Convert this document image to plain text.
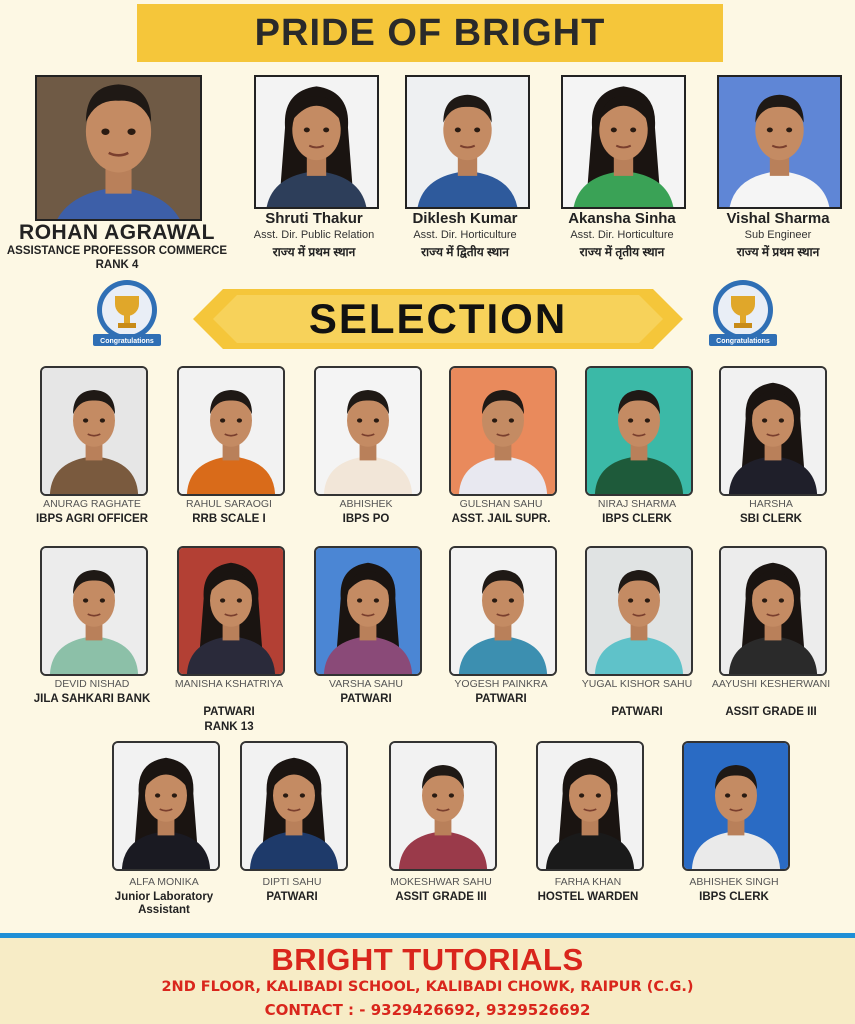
PRIDE OF BRIGHT
ROHAN AGRAWAL
ASSISTANCE PROFESSOR COMMERCE
RANK 4
Shruti Thakur
Asst. Dir. Public Relation
राज्य में प्रथम स्थान
Diklesh Kumar
Asst. Dir. Horticulture
राज्य में द्वितीय स्थान
Akansha Sinha
Asst. Dir. Horticulture
राज्य में तृतीय स्थान
Vishal Sharma
Sub Engineer
राज्य में प्रथम स्थान
ANURAG RAGHATE
IBPS AGRI OFFICER
RAHUL SARAOGI
RRB SCALE I
ABHISHEK
IBPS PO
GULSHAN SAHU
ASST. JAIL SUPR.
NIRAJ SHARMA
IBPS CLERK
HARSHA
SBI CLERK
DEVID NISHAD
JILA SAHKARI BANK
MANISHA KSHATRIYA
PATWARI
RANK 13
VARSHA SAHU
PATWARI
YOGESH PAINKRA
PATWARI
YUGAL KISHOR SAHU
PATWARI
AAYUSHI KESHERWANI
ASSIT GRADE III
ALFA MONIKA
Junior Laboratory Assistant
DIPTI SAHU
PATWARI
MOKESHWAR SAHU
ASSIT GRADE III
FARHA KHAN
HOSTEL WARDEN
ABHISHEK SINGH
IBPS CLERK
SELECTION
Congratulations	Congratulations
BRIGHT TUTORIALS
2ND FLOOR, KALIBADI SCHOOL, KALIBADI CHOWK, RAIPUR (C.G.)
CONTACT : - 9329426692, 9329526692
